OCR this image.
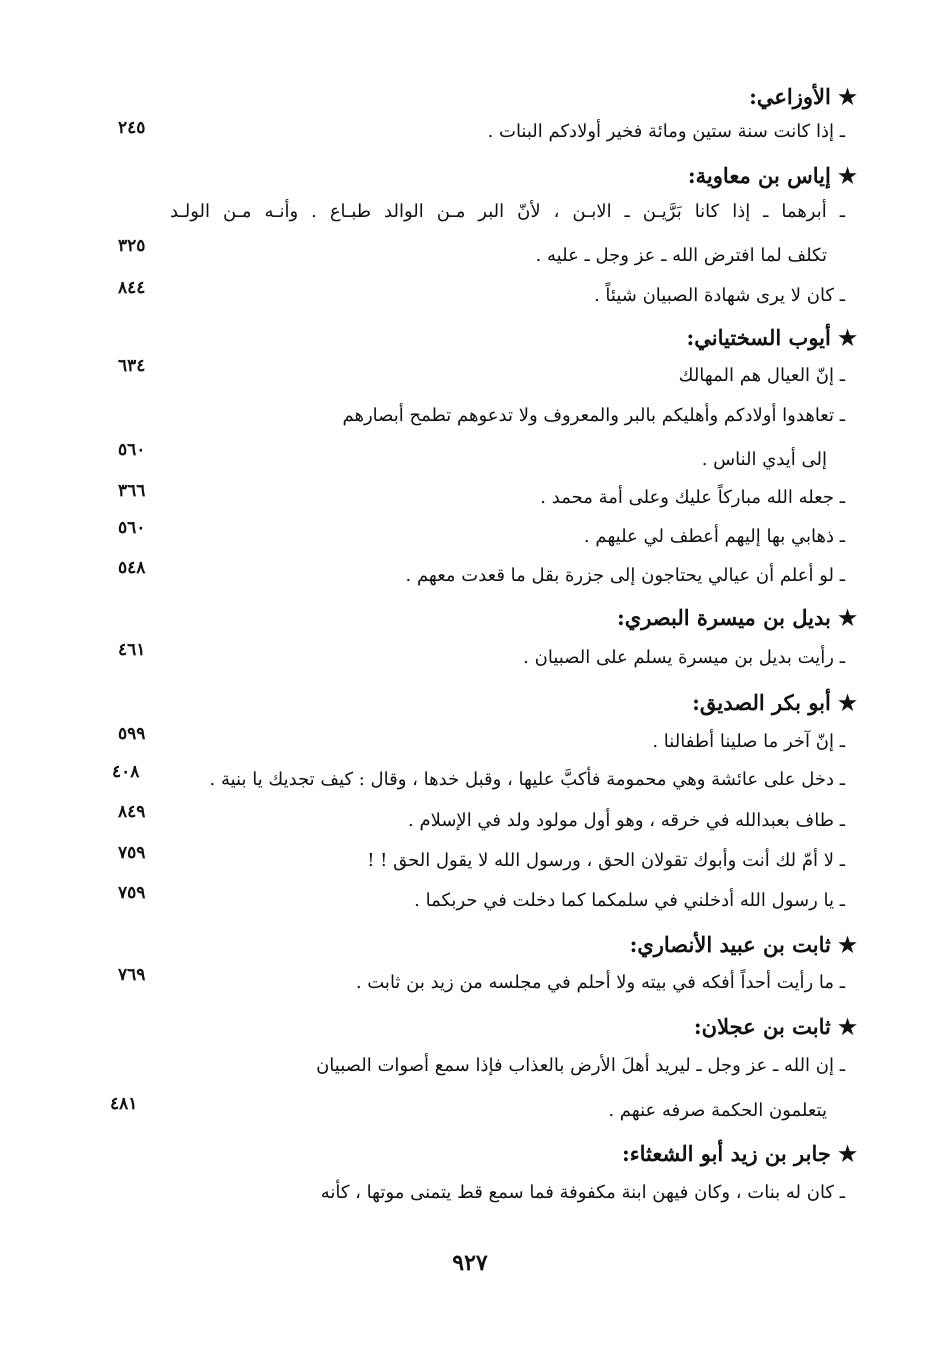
★ الأوزاعي:
ـ إذا كانت سنة ستين ومائة فخير أولادكم البنات .
٢٤٥
★ إياس بن معاوية:
ـ أبرهما ـ إذا كانا بَرَّيـن ـ الابـن ، لأنّ البر مـن الوالد طبـاع . وأنـه مـن الولـد
تكلف لما افترض الله ـ عز وجل ـ عليه .
٣٢٥
ـ كان لا يرى شهادة الصبيان شيئاً .
٨٤٤
★ أيوب السختياني:
ـ إنّ العيال هم المهالك
٦٣٤
ـ تعاهدوا أولادكم وأهليكم بالبر والمعروف ولا تدعوهم تطمح أبصارهم
إلى أيدي الناس .
٥٦٠
ـ جعله الله مباركاً عليك وعلى أمة محمد .
٣٦٦
ـ ذهابي بها إليهم أعطف لي عليهم .
٥٦٠
ـ لو أعلم أن عيالي يحتاجون إلى جزرة بقل ما قعدت معهم .
٥٤٨
★ بديل بن ميسرة البصري:
ـ رأيت بديل بن ميسرة يسلم على الصبيان .
٤٦١
★ أبو بكر الصديق:
ـ إنّ آخر ما صلينا أطفالنا .
٥٩٩
ـ دخل على عائشة وهي محمومة فأكبَّ عليها ، وقبل خدها ، وقال : كيف تجديك يا بنية .
٤٠٨
ـ طاف بعبدالله في خرقه ، وهو أول مولود ولد في الإسلام .
٨٤٩
ـ لا أمّ لك أنت وأبوك تقولان الحق ، ورسول الله لا يقول الحق ! !
٧٥٩
ـ يا رسول الله أدخلني في سلمكما كما دخلت في حربكما .
٧٥٩
★ ثابت بن عبيد الأنصاري:
ـ ما رأيت أحداً أفكه في بيته ولا أحلم في مجلسه من زيد بن ثابت .
٧٦٩
★ ثابت بن عجلان:
ـ إن الله ـ عز وجل ـ ليريد أهلَ الأرض بالعذاب فإذا سمع أصوات الصبيان
يتعلمون الحكمة صرفه عنهم .
٤٨١
★ جابر بن زيد أبو الشعثاء:
ـ كان له بنات ، وكان فيهن ابنة مكفوفة فما سمع قط يتمنى موتها ، كأنه
٩٢٧
